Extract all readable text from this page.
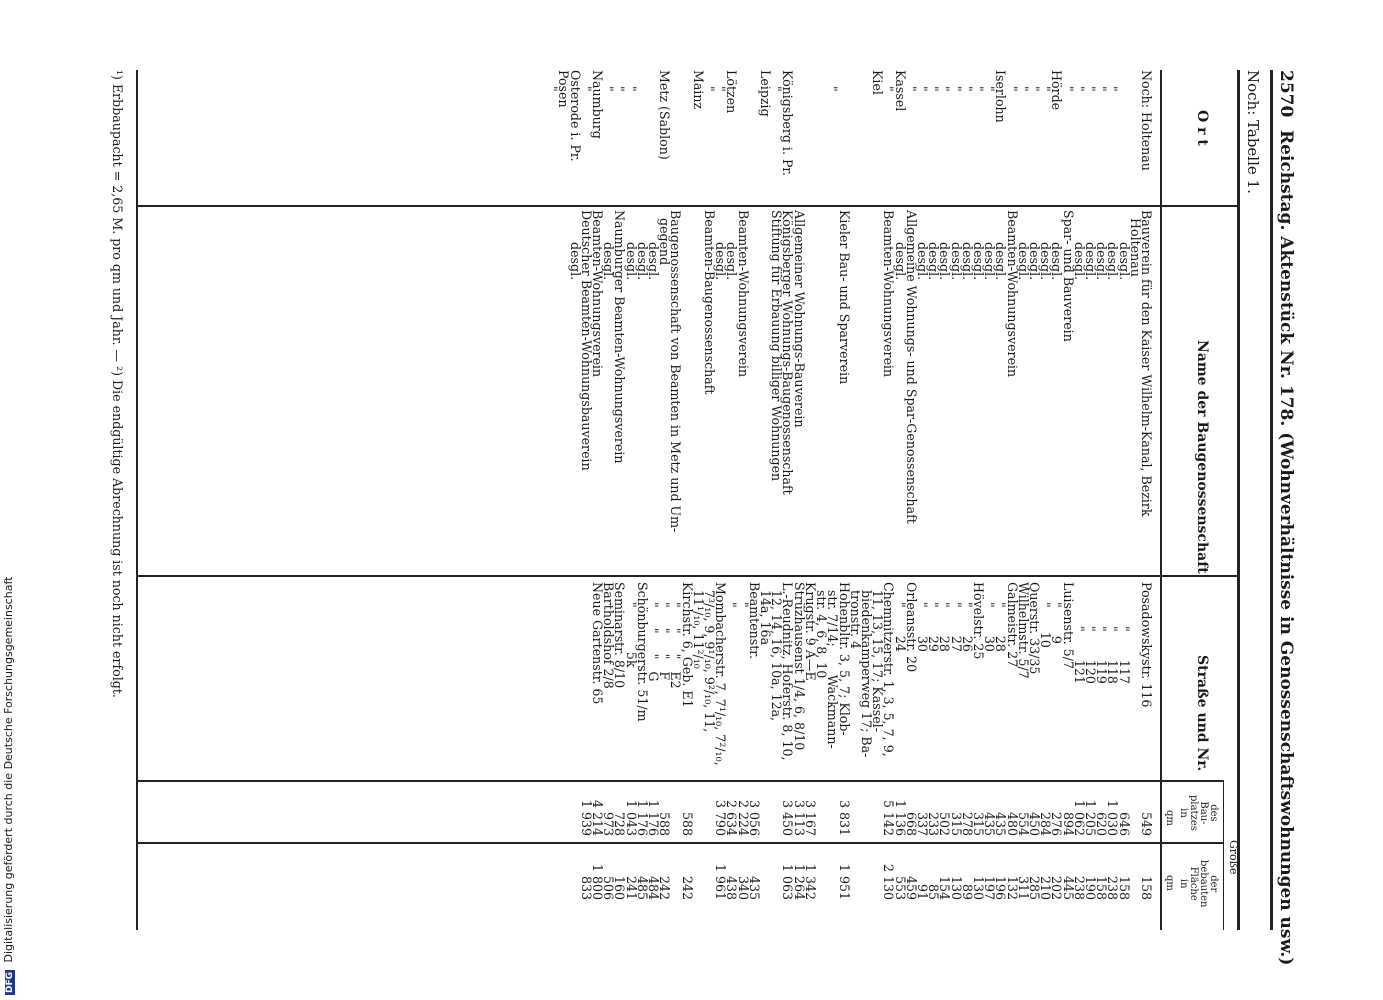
2570
Reichstag. Aktenstück Nr. 178. (Wohnverhältnisse in Genossenschaftswohnungen usw.)
Noch: Tabelle 1.
O r t
Name der Baugenossenschaft
Straße und Nr.
Größe
des
Bau-
platzes
in
der
bebauten
Fläche
in
qm
qm
Noch: Holtenau

"
"
"
"
"
Hörde
"
"
"
"
Iserlohn
"
"
"
"
"
"
"
"
Kassel
"
Kiel

"

Königsberg i. Pr.
"
Leipzig

Lötzen
"
"
Mainz

Metz (Sablon)

"
"
"
Naumburg
"
Osterode i. Pr.
Posen
"
Bauverein für den Kaiser Wilhelm-Kanal, Bezirk
Holtenau
desgl.
desgl.
desgl.
desgl.
desgl.
Spar- und Bauverein
desgl.
desgl.
desgl.
desgl.
Beamten-Wohnungsverein
desgl.
desgl.
desgl.
desgl.
desgl.
desgl.
desgl.
desgl.
Allgemeine Wohnungs- und Spar-Genossenschaft
desgl.
Beamten-Wohnungsverein

Kieler Bau- und Sparverein

Allgemeiner Wohnungs-Bauverein
Königsberger Wohnungs-Baugenossenschaft
Stiftung für Erbauung billiger Wohnungen

Beamten-Wohnungsverein
desgl.
desgl.
Beamten-Baugenossenschaft

Baugenossenschaft von Beamten in Metz und Um-
gegend
desgl.
desgl.
desgl.
Naumburger Beamten-Wohnungsverein
desgl.
Beamten-Wohnungsverein
Deutscher Beamten-Wohnungsbauverein
desgl.
Posadowskystr. 116

"       117
"       118
"       119
"       120
"       121
Luisenstr. 5/7
"       9
"      10
Querstr. 33/35
Wilhelmstr. 5/7
Galmeistr. 27
"       28
"       30
Hövelstr. 25
"       26
"       27
"       28
"       29
"       30
Orleansstr. 20
"       24
Chemnitzerstr. 1, 3, 5, 7, 9,
11, 13, 15, 17; Kassel-
biedenkamperweg 17; Ba-
tronstr. 4
Hohenbltr. 3, 5, 7; Klob-
str. 7/14;       Wackmann-
str. 4, 6, 8, 10
Krugstr. 9 A—E
Strüzhausenst 1/4, 6, 8/10
L.-Reudnitz, Hoferstr. 8, 10,
12, 14, 16, 10a, 12a,
14a, 16a
Beamtenstr.
"
"
Mombacherstr. 7, 7¹/₁₀, 7²/₁₀,
7³/₁₀, 9, 9¹/₁₀, 9²/₁₀, 11,
11¹/₁₀, 11²/₁₀
Kirchstr. 6, Geb. E1
"     "     "   E2
"     "     "   F
"     "     "   G
Schönburgerstr. 51/m
"           5k
Seminarstr. 8/10
Bartholdshof 2/8
Neue Gartenstr. 65
549

646
1 030
620
1 205
1 062
894
276
284
450
554
480
435
435
315
278
315
502
233
337
668
1 136
5 142

3 831

3 167
3 113
3 450

3 056
2 224
2 634
3 790

588

588
1 176
1 176
1 043
728
973
4 214
1 939
158

158
238
158
190
238
445
202
210
285
311
132
196
197
130
89
130
154
85
91
459
553
2 130

1 951

1 342
1 264
1 063

435
340
438
1 961

242

242
484
485
241
160
506
1 800
833
¹) Erbbaupacht = 2,65 M. pro qm und Jahr. — ²) Die endgültige Abrechnung ist noch nicht erfolgt.
DFG Digitalisierung gefördert durch die Deutsche Forschungsgemeinschaft
